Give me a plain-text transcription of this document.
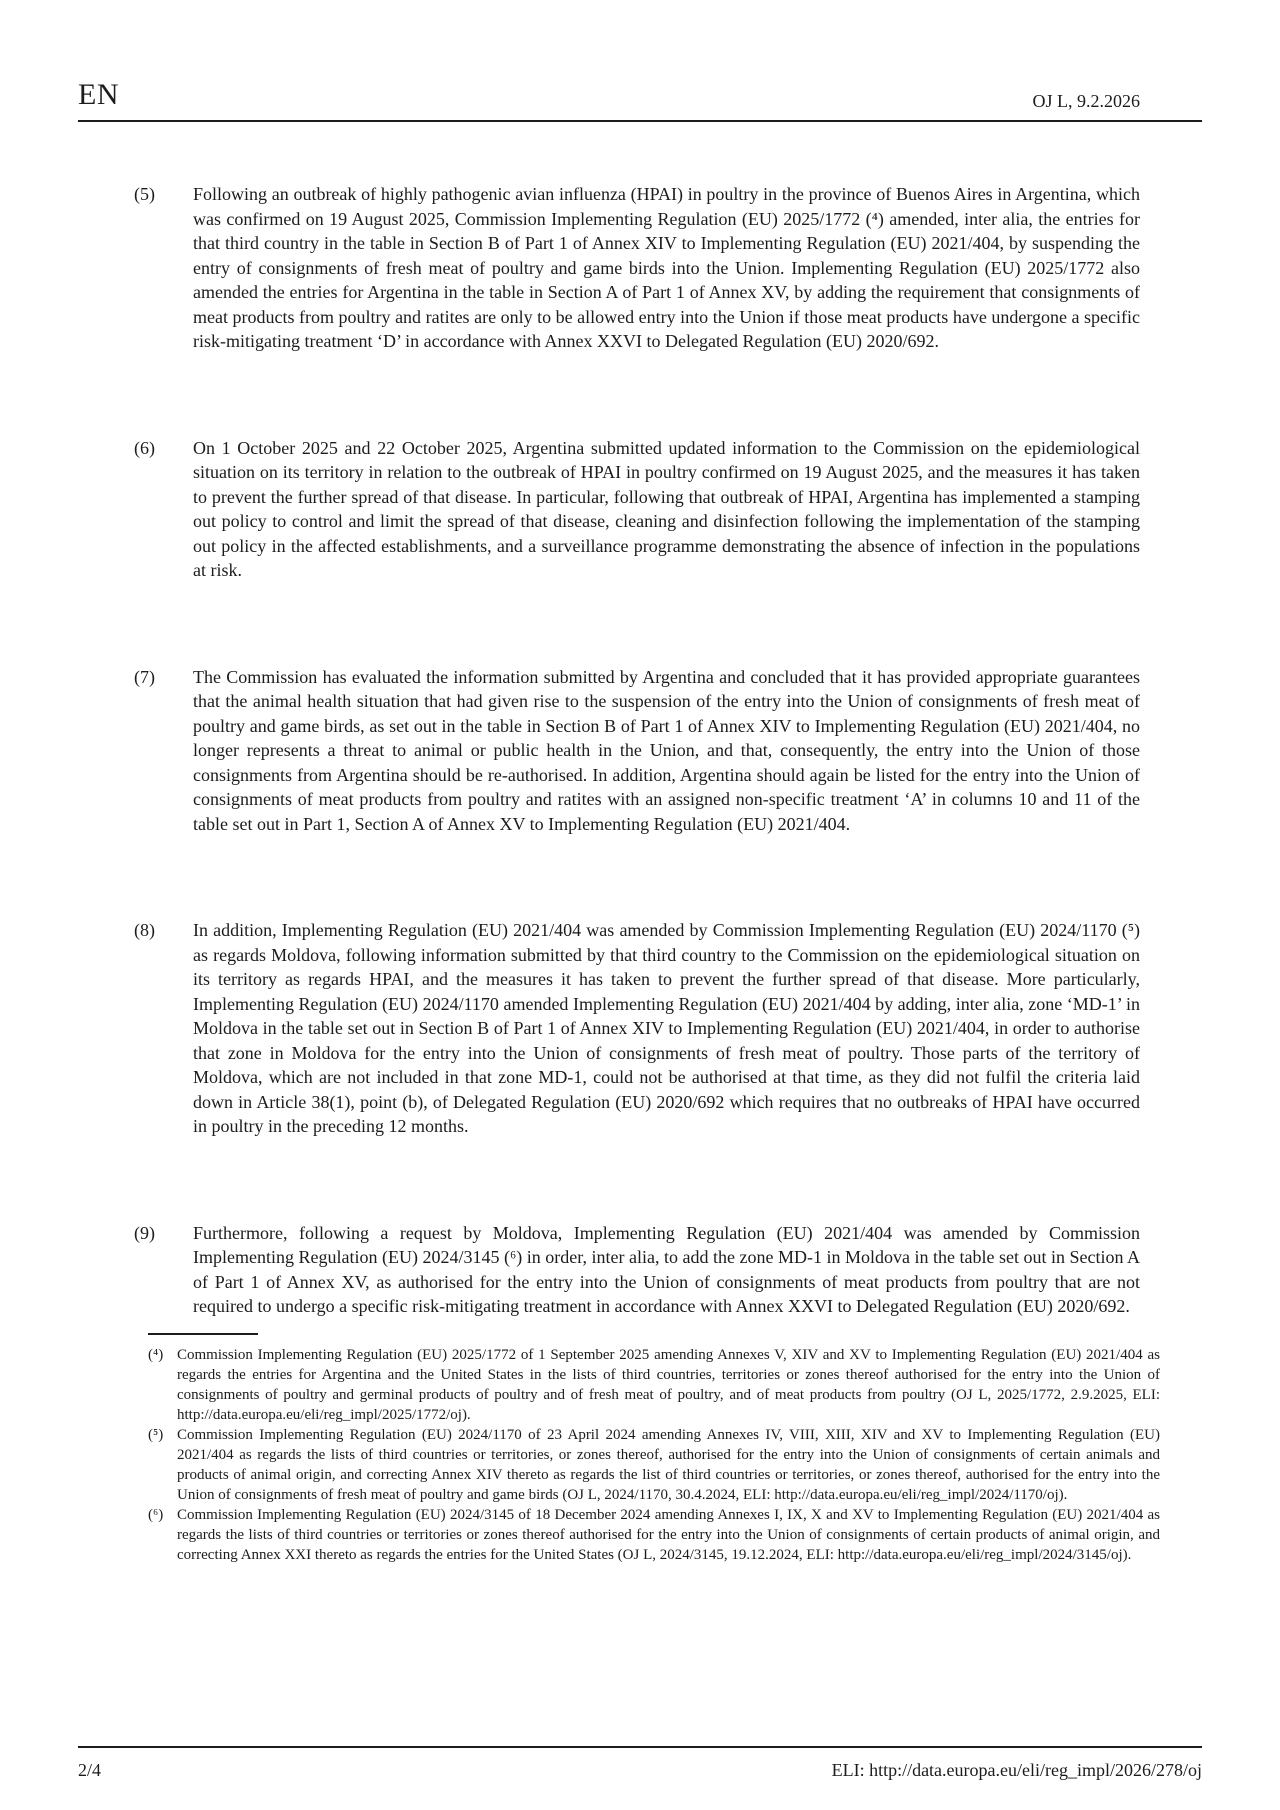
EN	OJ L, 9.2.2026
(5)	Following an outbreak of highly pathogenic avian influenza (HPAI) in poultry in the province of Buenos Aires in Argentina, which was confirmed on 19 August 2025, Commission Implementing Regulation (EU) 2025/1772 (⁴) amended, inter alia, the entries for that third country in the table in Section B of Part 1 of Annex XIV to Implementing Regulation (EU) 2021/404, by suspending the entry of consignments of fresh meat of poultry and game birds into the Union. Implementing Regulation (EU) 2025/1772 also amended the entries for Argentina in the table in Section A of Part 1 of Annex XV, by adding the requirement that consignments of meat products from poultry and ratites are only to be allowed entry into the Union if those meat products have undergone a specific risk-mitigating treatment ‘D’ in accordance with Annex XXVI to Delegated Regulation (EU) 2020/692.

(6)	On 1 October 2025 and 22 October 2025, Argentina submitted updated information to the Commission on the epidemiological situation on its territory in relation to the outbreak of HPAI in poultry confirmed on 19 August 2025, and the measures it has taken to prevent the further spread of that disease. In particular, following that outbreak of HPAI, Argentina has implemented a stamping out policy to control and limit the spread of that disease, cleaning and disinfection following the implementation of the stamping out policy in the affected establishments, and a surveillance programme demonstrating the absence of infection in the populations at risk.

(7)	The Commission has evaluated the information submitted by Argentina and concluded that it has provided appropriate guarantees that the animal health situation that had given rise to the suspension of the entry into the Union of consignments of fresh meat of poultry and game birds, as set out in the table in Section B of Part 1 of Annex XIV to Implementing Regulation (EU) 2021/404, no longer represents a threat to animal or public health in the Union, and that, consequently, the entry into the Union of those consignments from Argentina should be re-authorised. In addition, Argentina should again be listed for the entry into the Union of consignments of meat products from poultry and ratites with an assigned non-specific treatment ‘A’ in columns 10 and 11 of the table set out in Part 1, Section A of Annex XV to Implementing Regulation (EU) 2021/404.

(8)	In addition, Implementing Regulation (EU) 2021/404 was amended by Commission Implementing Regulation (EU) 2024/1170 (⁵) as regards Moldova, following information submitted by that third country to the Commission on the epidemiological situation on its territory as regards HPAI, and the measures it has taken to prevent the further spread of that disease. More particularly, Implementing Regulation (EU) 2024/1170 amended Implementing Regulation (EU) 2021/404 by adding, inter alia, zone ‘MD-1’ in Moldova in the table set out in Section B of Part 1 of Annex XIV to Implementing Regulation (EU) 2021/404, in order to authorise that zone in Moldova for the entry into the Union of consignments of fresh meat of poultry. Those parts of the territory of Moldova, which are not included in that zone MD-1, could not be authorised at that time, as they did not fulfil the criteria laid down in Article 38(1), point (b), of Delegated Regulation (EU) 2020/692 which requires that no outbreaks of HPAI have occurred in poultry in the preceding 12 months.

(9)	Furthermore, following a request by Moldova, Implementing Regulation (EU) 2021/404 was amended by Commission Implementing Regulation (EU) 2024/3145 (⁶) in order, inter alia, to add the zone MD-1 in Moldova in the table set out in Section A of Part 1 of Annex XV, as authorised for the entry into the Union of consignments of meat products from poultry that are not required to undergo a specific risk-mitigating treatment in accordance with Annex XXVI to Delegated Regulation (EU) 2020/692.

(⁴) Commission Implementing Regulation (EU) 2025/1772 of 1 September 2025 amending Annexes V, XIV and XV to Implementing Regulation (EU) 2021/404 as regards the entries for Argentina and the United States in the lists of third countries, territories or zones thereof authorised for the entry into the Union of consignments of poultry and germinal products of poultry and of fresh meat of poultry, and of meat products from poultry (OJ L, 2025/1772, 2.9.2025, ELI: http://data.europa.eu/eli/reg_impl/2025/1772/oj).

(⁵) Commission Implementing Regulation (EU) 2024/1170 of 23 April 2024 amending Annexes IV, VIII, XIII, XIV and XV to Implementing Regulation (EU) 2021/404 as regards the lists of third countries or territories, or zones thereof, authorised for the entry into the Union of consignments of certain animals and products of animal origin, and correcting Annex XIV thereto as regards the list of third countries or territories, or zones thereof, authorised for the entry into the Union of consignments of fresh meat of poultry and game birds (OJ L, 2024/1170, 30.4.2024, ELI: http://data.europa.eu/eli/reg_impl/2024/1170/oj).

(⁶) Commission Implementing Regulation (EU) 2024/3145 of 18 December 2024 amending Annexes I, IX, X and XV to Implementing Regulation (EU) 2021/404 as regards the lists of third countries or territories or zones thereof authorised for the entry into the Union of consignments of certain products of animal origin, and correcting Annex XXI thereto as regards the entries for the United States (OJ L, 2024/3145, 19.12.2024, ELI: http://data.europa.eu/eli/reg_impl/2024/3145/oj).

2/4	ELI: http://data.europa.eu/eli/reg_impl/2026/278/oj
